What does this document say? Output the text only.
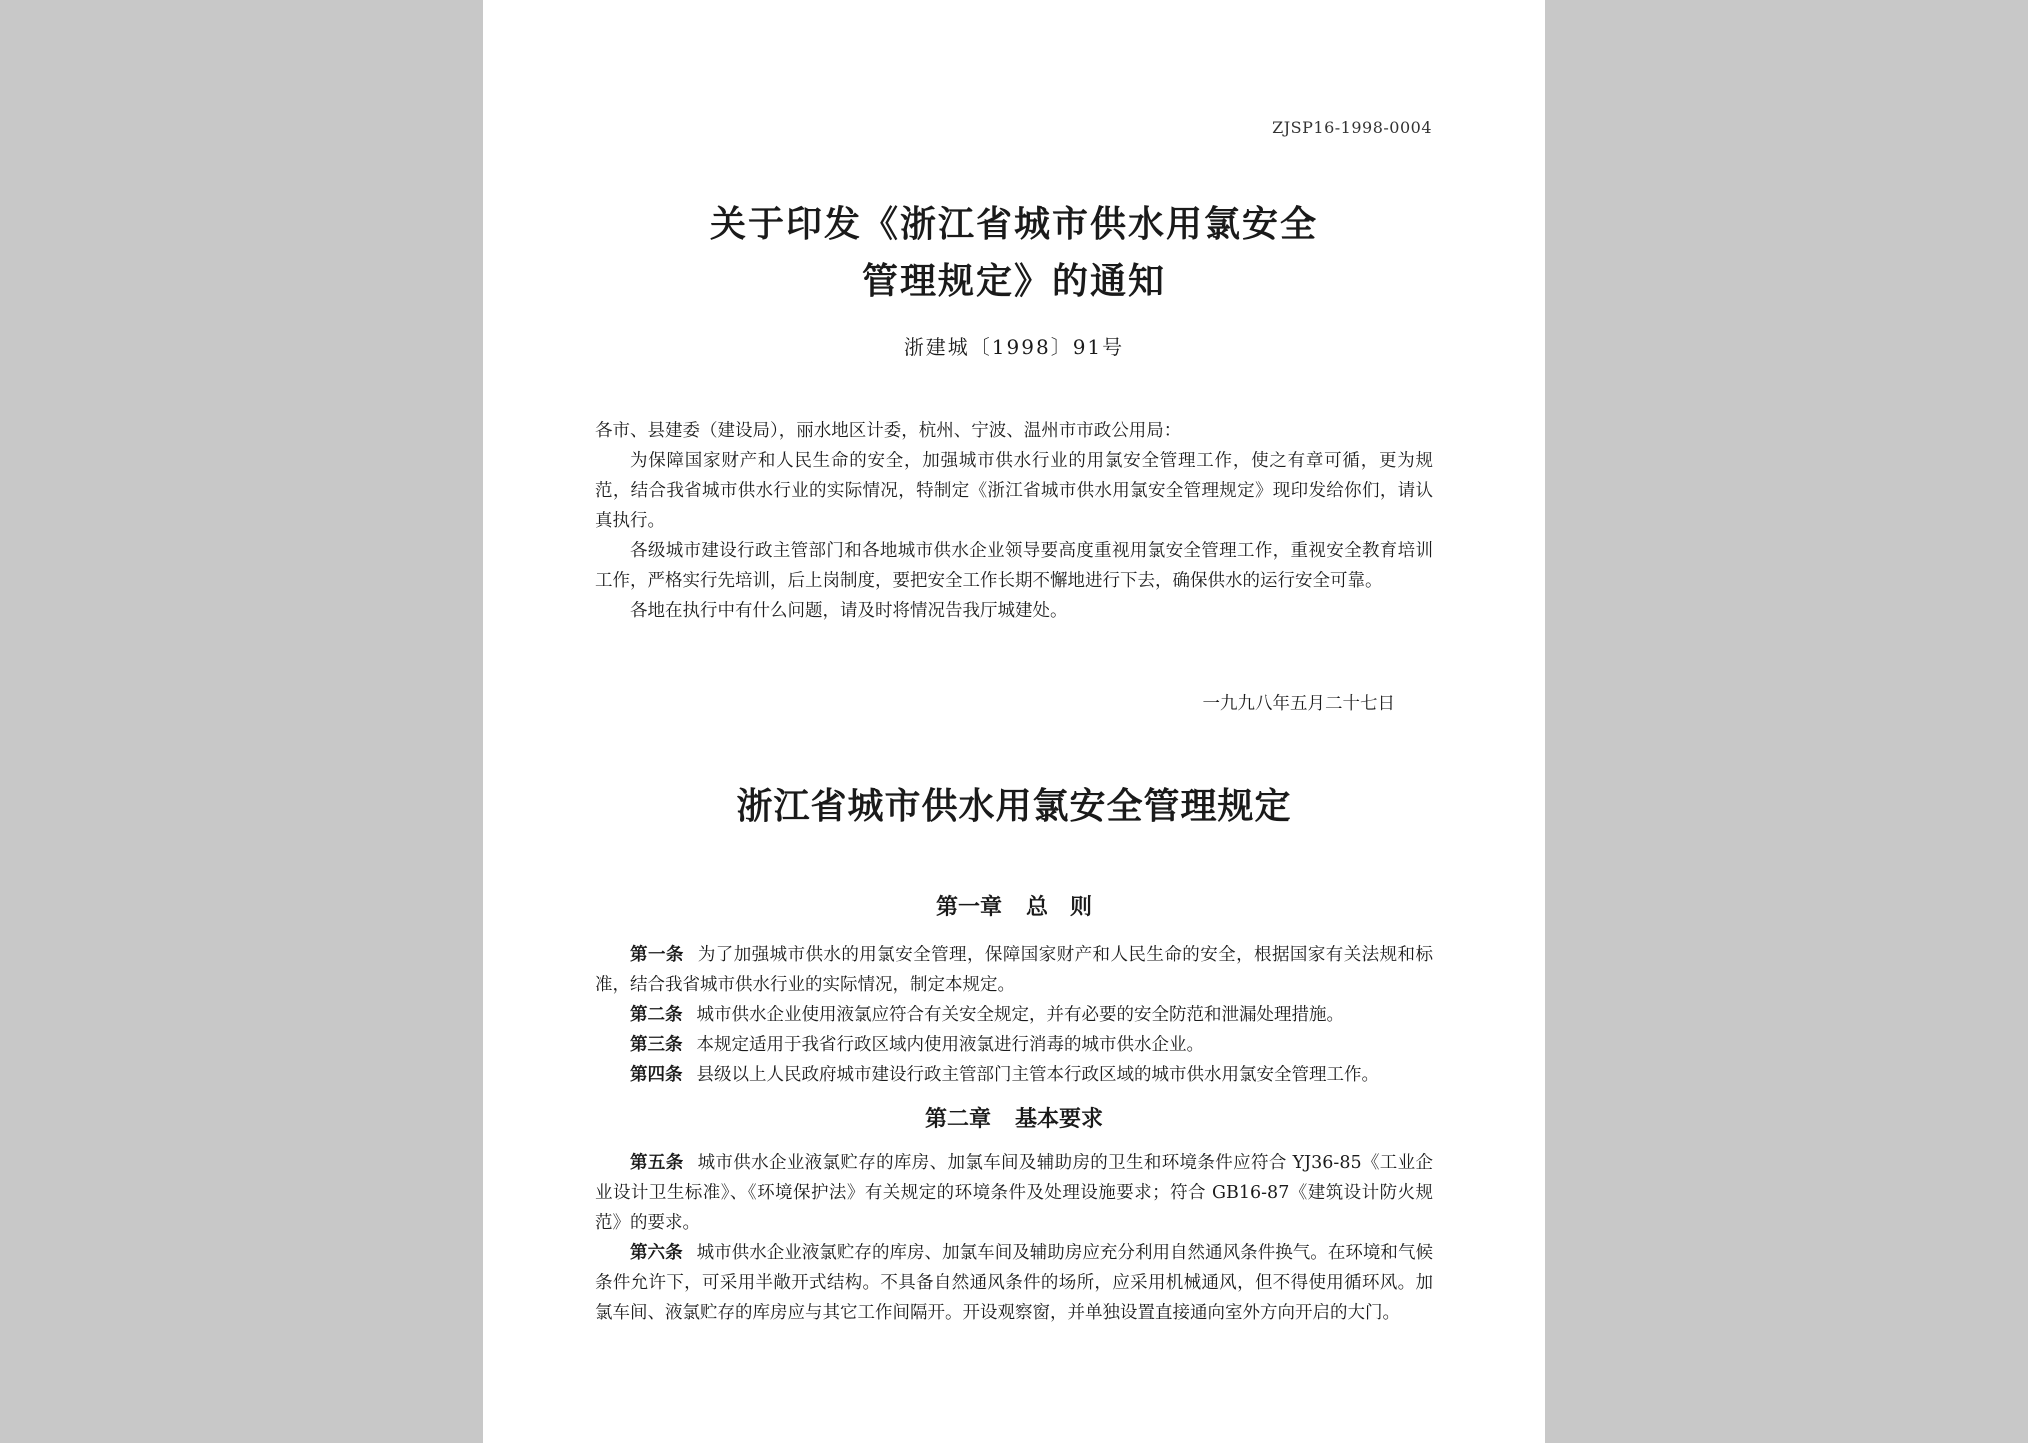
ZJSP16-1998-0004
关于印发《浙江省城市供水用氯安全
管理规定》的通知
浙建城〔1998〕91号

各市、县建委（建设局），丽水地区计委，杭州、宁波、温州市市政公用局：

为保障国家财产和人民生命的安全，加强城市供水行业的用氯安全管理工作，使之有章可循，更为规范，结合我省城市供水行业的实际情况，特制定《浙江省城市供水用氯安全管理规定》现印发给你们，请认真执行。

各级城市建设行政主管部门和各地城市供水企业领导要高度重视用氯安全管理工作，重视安全教育培训工作，严格实行先培训，后上岗制度，要把安全工作长期不懈地进行下去，确保供水的运行安全可靠。

各地在执行中有什么问题，请及时将情况告我厅城建处。

一九九八年五月二十七日
浙江省城市供水用氯安全管理规定
第一章 总　则

第一条 为了加强城市供水的用氯安全管理，保障国家财产和人民生命的安全，根据国家有关法规和标准，结合我省城市供水行业的实际情况，制定本规定。

第二条 城市供水企业使用液氯应符合有关安全规定，并有必要的安全防范和泄漏处理措施。

第三条 本规定适用于我省行政区域内使用液氯进行消毒的城市供水企业。

第四条 县级以上人民政府城市建设行政主管部门主管本行政区域的城市供水用氯安全管理工作。

第二章 基本要求

第五条 城市供水企业液氯贮存的库房、加氯车间及辅助房的卫生和环境条件应符合 YJ36-85《工业企业设计卫生标准》、《环境保护法》有关规定的环境条件及处理设施要求；符合 GB16-87《建筑设计防火规范》的要求。

第六条 城市供水企业液氯贮存的库房、加氯车间及辅助房应充分利用自然通风条件换气。在环境和气候条件允许下，可采用半敞开式结构。不具备自然通风条件的场所，应采用机械通风，但不得使用循环风。加氯车间、液氯贮存的库房应与其它工作间隔开。开设观察窗，并单独设置直接通向室外方向开启的大门。
